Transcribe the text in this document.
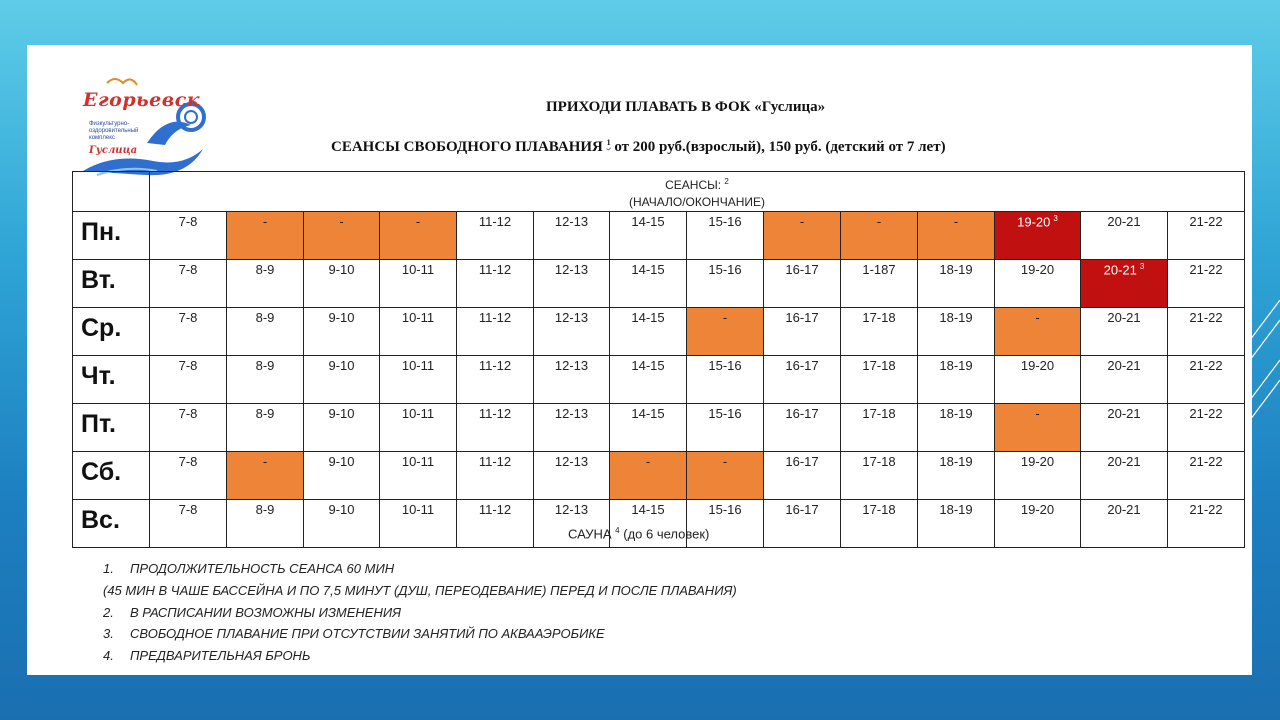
Егорьевск
Физкультурно-оздоровительный комплекс
Гуслица
ПРИХОДИ ПЛАВАТЬ В ФОК «Гуслица»
СЕАНСЫ СВОБОДНОГО ПЛАВАНИЯ $^1$ от 200 руб.(взрослый), 150 руб. (детский от 7 лет)
	СЕАНСЫ: $^2$
(НАЧАЛО/ОКОНЧАНИЕ)													
Пн.	7-8	-	-	-	11-12	12-13	14-15	15-16	-	-	-	19-20 $^3$	20-21	21-22
Вт.	7-8	8-9	9-10	10-11	11-12	12-13	14-15	15-16	16-17	1-187	18-19	19-20	20-21 $^3$	21-22
Ср.	7-8	8-9	9-10	10-11	11-12	12-13	14-15	-	16-17	17-18	18-19	-	20-21	21-22
Чт.	7-8	8-9	9-10	10-11	11-12	12-13	14-15	15-16	16-17	17-18	18-19	19-20	20-21	21-22
Пт.	7-8	8-9	9-10	10-11	11-12	12-13	14-15	15-16	16-17	17-18	18-19	-	20-21	21-22
Сб.	7-8	-	9-10	10-11	11-12	12-13	-	-	16-17	17-18	18-19	19-20	20-21	21-22
Вс.	7-8	8-9	9-10	10-11	11-12	12-13	14-15	15-16	16-17	17-18	18-19	19-20	20-21	21-22
САУНА $^4$ (до 6 человек)
1. ПРОДОЛЖИТЕЛЬНОСТЬ СЕАНСА 60 МИН
(45 МИН В ЧАШЕ БАССЕЙНА И ПО 7,5 МИНУТ (ДУШ, ПЕРЕОДЕВАНИЕ) ПЕРЕД И ПОСЛЕ ПЛАВАНИЯ)
2. В РАСПИСАНИИ ВОЗМОЖНЫ ИЗМЕНЕНИЯ
3. СВОБОДНОЕ ПЛАВАНИЕ ПРИ ОТСУТСТВИИ ЗАНЯТИЙ ПО АКВААЭРОБИКЕ
4. ПРЕДВАРИТЕЛЬНАЯ БРОНЬ
